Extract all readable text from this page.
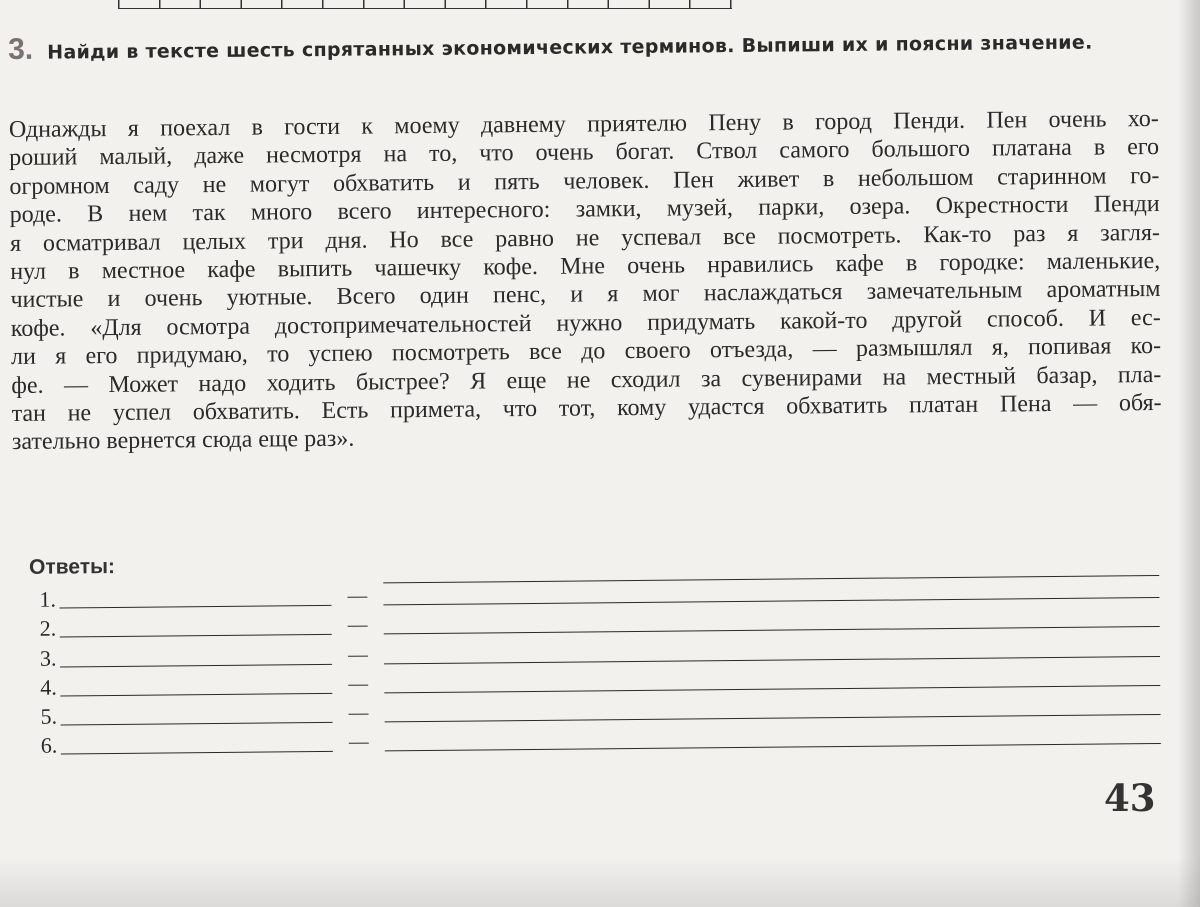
3. Найди в тексте шесть спрятанных экономических терминов. Выпиши их и поясни значение.

Однажды я поехал в гости к моему давнему приятелю Пену в город Пенди. Пен очень хо-
роший малый, даже несмотря на то, что очень богат. Ствол самого большого платана в его
огромном саду не могут обхватить и пять человек. Пен живет в небольшом старинном го-
роде. В нем так много всего интересного: замки, музей, парки, озера. Окрестности Пенди
я осматривал целых три дня. Но все равно не успевал все посмотреть. Как-то раз я загля-
нул в местное кафе выпить чашечку кофе. Мне очень нравились кафе в городке: маленькие,
чистые и очень уютные. Всего один пенс, и я мог наслаждаться замечательным ароматным
кофе. «Для осмотра достопримечательностей нужно придумать какой-то другой способ. И ес-
ли я его придумаю, то успею посмотреть все до своего отъезда, — размышлял я, попивая ко-
фе. — Может надо ходить быстрее? Я еще не сходил за сувенирами на местный базар, пла-
тан не успел обхватить. Есть примета, что тот, кому удастся обхватить платан Пена — обя-
зательно вернется сюда еще раз».
Ответы:
1.
2.
3.
4.
5.
6.
43
